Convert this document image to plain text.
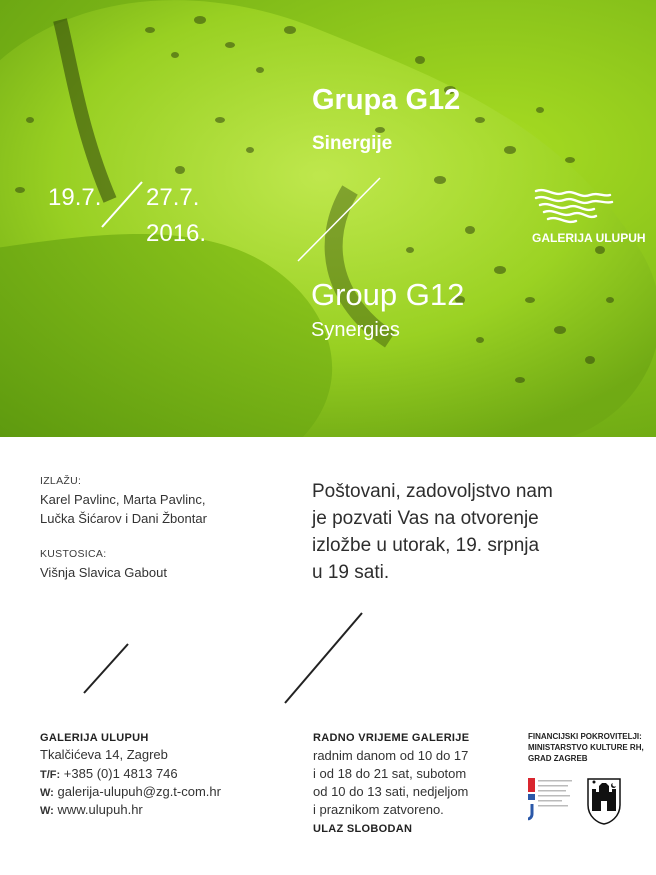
Grupa G12
Sinergije
19.7. 27.7.
2016.
Group G12
Synergies
GALERIJA ULUPUH
IZLAŽU:
Karel Pavlinc, Marta Pavlinc,
Lučka Šićarov i Dani Žbontar
KUSTOSICA:
Višnja Slavica Gabout
Poštovani, zadovoljstvo nam
je pozvati Vas na otvorenje
izložbe u utorak, 19. srpnja
u 19 sati.
GALERIJA ULUPUH
Tkalčićeva 14, Zagreb
T/F: +385 (0)1 4813 746
W: galerija-ulupuh@zg.t-com.hr
W: www.ulupuh.hr
RADNO VRIJEME GALERIJE
radnim danom od 10 do 17
i od 18 do 21 sat, subotom
od 10 do 13 sati, nedjeljom
i praznikom zatvoreno.
ULAZ SLOBODAN
FINANCIJSKI POKROVITELJI:
MINISTARSTVO KULTURE RH,
GRAD ZAGREB
